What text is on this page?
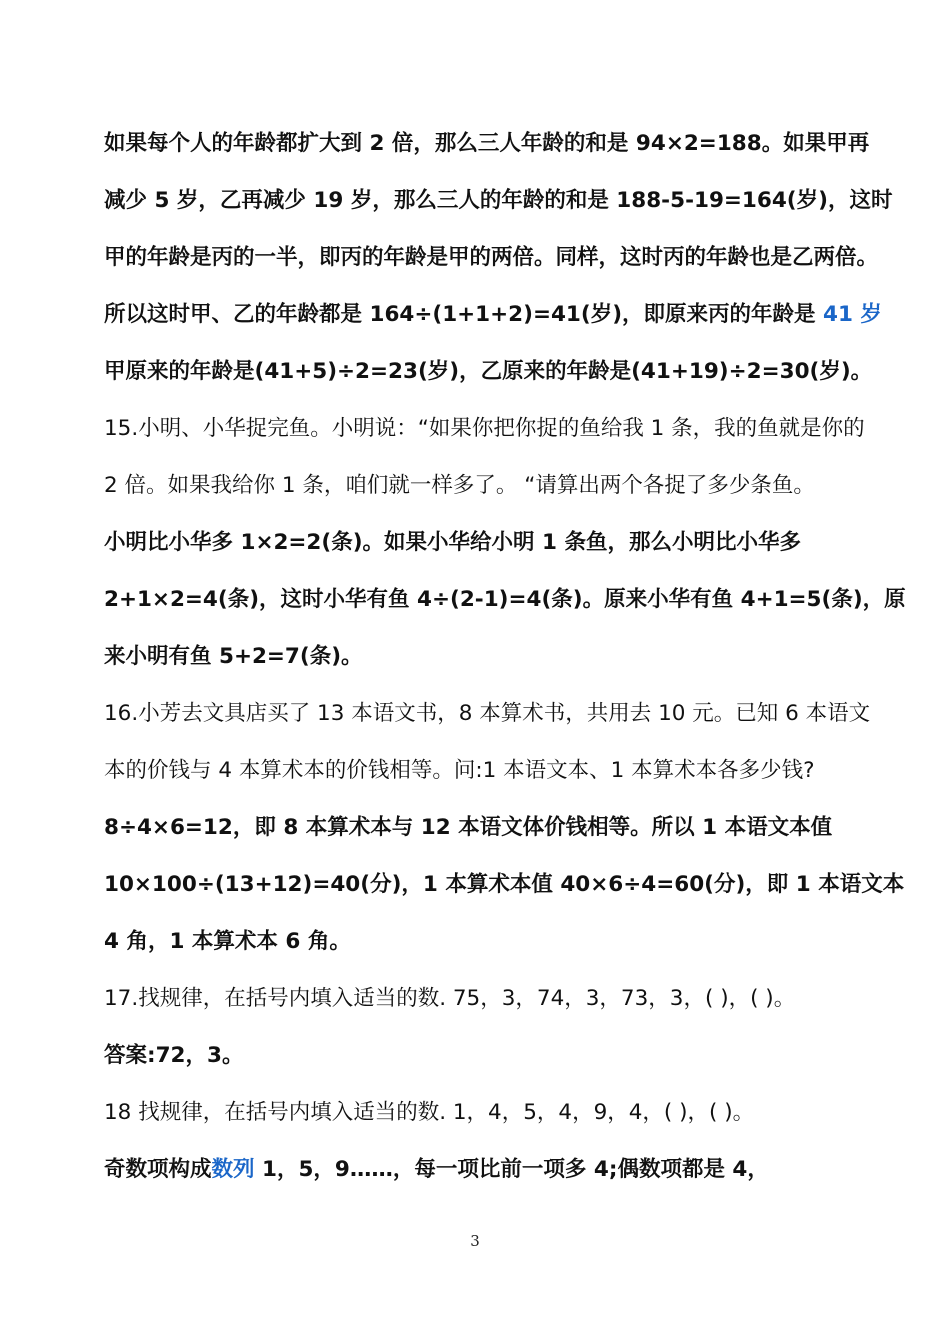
如果每个人的年龄都扩大到 2 倍，那么三人年龄的和是 94×2=188。如果甲再
减少 5 岁，乙再减少 19 岁，那么三人的年龄的和是 188-5-19=164(岁)，这时
甲的年龄是丙的一半，即丙的年龄是甲的两倍。同样，这时丙的年龄也是乙两倍。
所以这时甲、乙的年龄都是 164÷(1+1+2)=41(岁)，即原来丙的年龄是 41 岁
甲原来的年龄是(41+5)÷2=23(岁)，乙原来的年龄是(41+19)÷2=30(岁)。
15.小明、小华捉完鱼。小明说：“如果你把你捉的鱼给我 1 条，我的鱼就是你的
2 倍。如果我给你 1 条，咱们就一样多了。 “请算出两个各捉了多少条鱼。
小明比小华多 1×2=2(条)。如果小华给小明 1 条鱼，那么小明比小华多
2+1×2=4(条)，这时小华有鱼 4÷(2-1)=4(条)。原来小华有鱼 4+1=5(条)，原
来小明有鱼 5+2=7(条)。
16.小芳去文具店买了 13 本语文书，8 本算术书，共用去 10 元。已知 6 本语文
本的价钱与 4 本算术本的价钱相等。问:1 本语文本、1 本算术本各多少钱?
8÷4×6=12，即 8 本算术本与 12 本语文体价钱相等。所以 1 本语文本值
10×100÷(13+12)=40(分)，1 本算术本值 40×6÷4=60(分)，即 1 本语文本
4 角，1 本算术本 6 角。
17.找规律，在括号内填入适当的数. 75，3，74，3，73，3，( )，( )。
答案:72，3。
18 找规律，在括号内填入适当的数. 1，4，5，4，9，4，( )，( )。
奇数项构成数列 1，5，9……，每一项比前一项多 4;偶数项都是 4，
3
